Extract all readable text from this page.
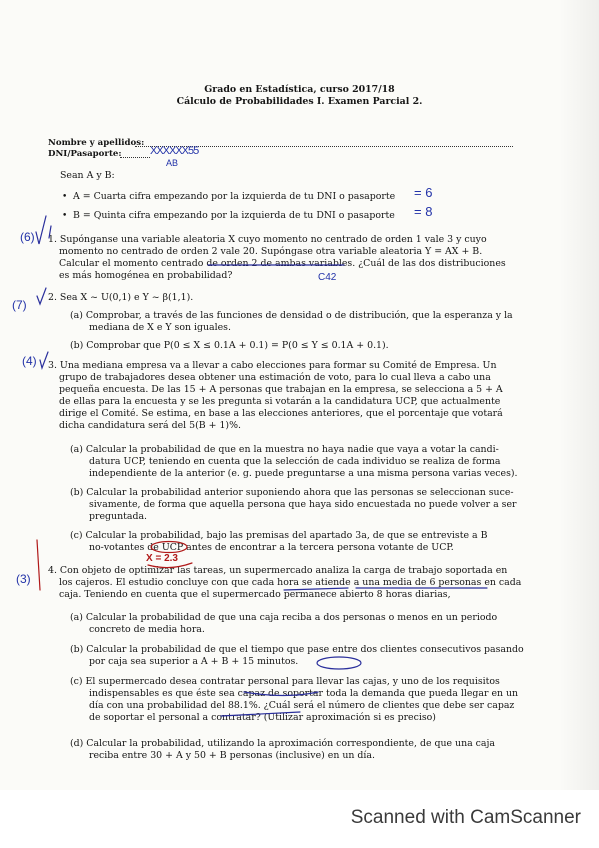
Grado en Estadística, curso 2017/18
Cálculo de Probabilidades I. Examen Parcial 2.
Nombre y apellidos:
DNI/Pasaporte:	XXXXXX55
AB
Sean A y B:
• A = Cuarta cifra empezando por la izquierda de tu DNI o pasaporte = 6
• B = Quinta cifra empezando por la izquierda de tu DNI o pasaporte = 8
(6) 1. Supónganse una variable aleatoria X cuyo momento no centrado de orden 1 vale 3 y cuyo
momento no centrado de orden 2 vale 20. Supóngase otra variable aleatoria Y = AX + B.
Calcular el momento centrado de orden 2 de ambas variables. ¿Cuál de las dos distribuciones
es más homogénea en probabilidad?	C42
(7)
2. Sea X ~ U(0,1) e Y ~ β(1,1).
(a) Comprobar, a través de las funciones de densidad o de distribución, que la esperanza y la
mediana de X e Y son iguales.
(b) Comprobar que P(0 ≤ X ≤ 0.1A + 0.1) = P(0 ≤ Y ≤ 0.1A + 0.1).
(4) 3. Una mediana empresa va a llevar a cabo elecciones para formar su Comité de Empresa. Un
grupo de trabajadores desea obtener una estimación de voto, para lo cual lleva a cabo una
pequeña encuesta. De las 15 + A personas que trabajan en la empresa, se selecciona a 5 + A
de ellas para la encuesta y se les pregunta si votarán a la candidatura UCP, que actualmente
dirige el Comité. Se estima, en base a las elecciones anteriores, que el porcentaje que votará
dicha candidatura será del 5(B + 1)%.
(a) Calcular la probabilidad de que en la muestra no haya nadie que vaya a votar la candi-
datura UCP, teniendo en cuenta que la selección de cada individuo se realiza de forma
independiente de la anterior (e. g. puede preguntarse a una misma persona varias veces).
(b) Calcular la probabilidad anterior suponiendo ahora que las personas se seleccionan suce-
sivamente, de forma que aquella persona que haya sido encuestada no puede volver a ser
preguntada.
(c) Calcular la probabilidad, bajo las premisas del apartado 3a, de que se entreviste a B
no-votantes de UCP antes de encontrar a la tercera persona votante de UCP.
X = 2.3
(3)
4. Con objeto de optimizar las tareas, un supermercado analiza la carga de trabajo soportada en
los cajeros. El estudio concluye con que cada hora se atiende a una media de 6 personas en cada
caja. Teniendo en cuenta que el supermercado permanece abierto 8 horas diarias,
(a) Calcular la probabilidad de que una caja reciba a dos personas o menos en un periodo
concreto de media hora.
(b) Calcular la probabilidad de que el tiempo que pase entre dos clientes consecutivos pasando
por caja sea superior a A + B + 15 minutos.
(c) El supermercado desea contratar personal para llevar las cajas, y uno de los requisitos
indispensables es que éste sea capaz de soportar toda la demanda que pueda llegar en un
día con una probabilidad del 88.1%. ¿Cuál será el número de clientes que debe ser capaz
de soportar el personal a contratar? (Utilizar aproximación si es preciso)
(d) Calcular la probabilidad, utilizando la aproximación correspondiente, de que una caja
reciba entre 30 + A y 50 + B personas (inclusive) en un día.
Scanned with CamScanner
